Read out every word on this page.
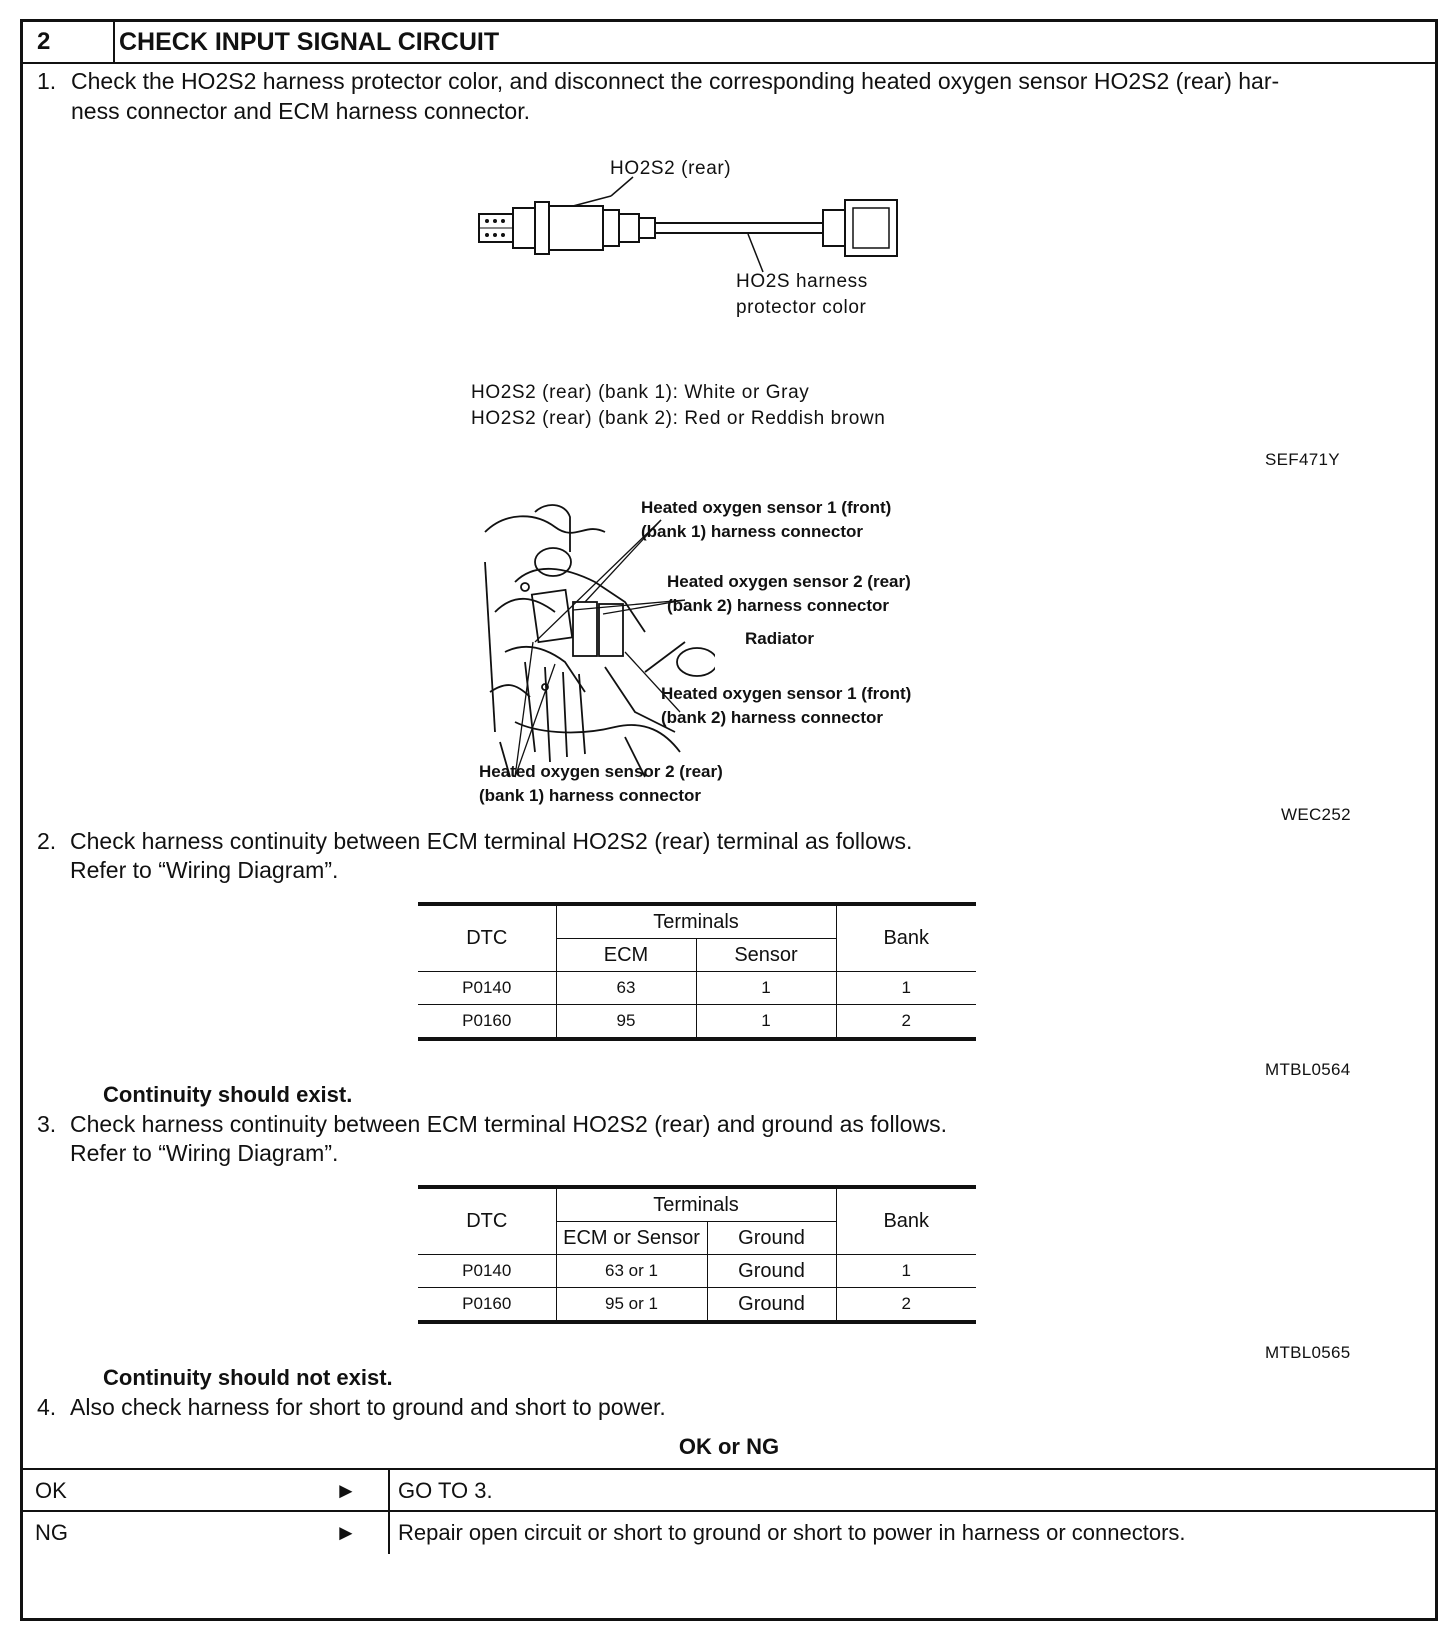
2	CHECK INPUT SIGNAL CIRCUIT
1. Check the HO2S2 harness protector color, and disconnect the corresponding heated oxygen sensor HO2S2 (rear) har-
ness connector and ECM harness connector.
HO2S2 (rear)
HO2S harness
protector color
HO2S2 (rear) (bank 1): White or Gray
HO2S2 (rear) (bank 2): Red or Reddish brown
SEF471Y
Heated oxygen sensor 1 (front)
(bank 1) harness connector
Heated oxygen sensor 2 (rear)
(bank 2) harness connector
Radiator
Heated oxygen sensor 1 (front)
(bank 2) harness connector
Heated oxygen sensor 2 (rear)
(bank 1) harness connector
WEC252
2. Check harness continuity between ECM terminal HO2S2 (rear) terminal as follows.
Refer to “Wiring Diagram”.
DTC	Terminals		Bank
	ECM	Sensor	
P0140	63	1	1
P0160	95	1	2
MTBL0564
Continuity should exist.
3. Check harness continuity between ECM terminal HO2S2 (rear) and ground as follows.
Refer to “Wiring Diagram”.
DTC	Terminals		Bank
	ECM or Sensor	Ground	
P0140	63 or 1	Ground	1
P0160	95 or 1	Ground	2
MTBL0565
Continuity should not exist.
4. Also check harness for short to ground and short to power.
OK or NG
OK	► GO TO 3.
NG	► Repair open circuit or short to ground or short to power in harness or connectors.
